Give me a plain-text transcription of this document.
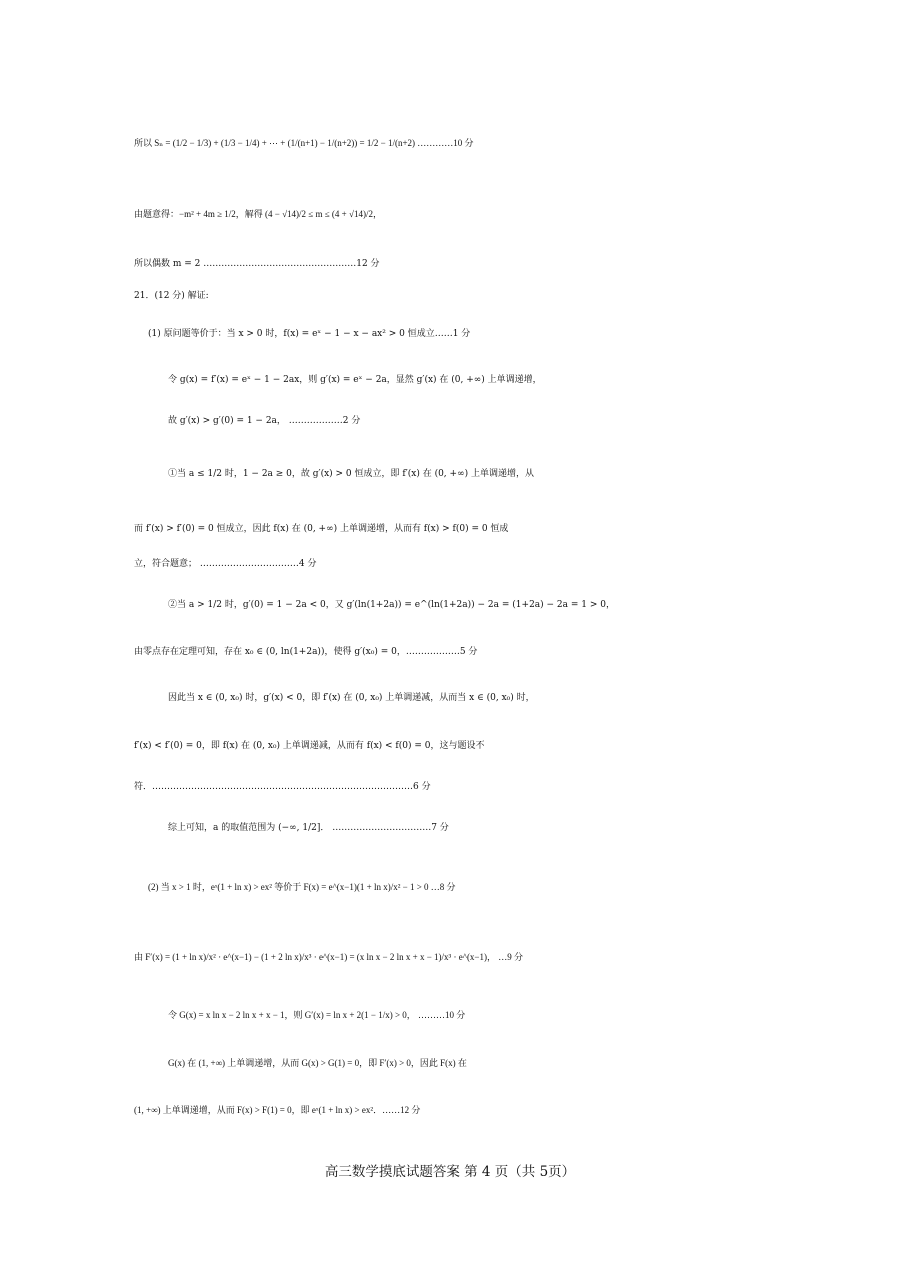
所以 Sₙ = (1/2 − 1/3) + (1/3 − 1/4) + ⋯ + (1/(n+1) − 1/(n+2)) = 1/2 − 1/(n+2) …………10 分
由题意得：−m² + 4m ≥ 1/2，解得 (4 − √14)/2 ≤ m ≤ (4 + √14)/2，
所以偶数 m = 2 ……………………………………………12 分
21．(12 分) 解证:
(1) 原问题等价于：当 x > 0 时，f(x) = eˣ − 1 − x − ax² > 0 恒成立……1 分
令 g(x) = f′(x) = eˣ − 1 − 2ax，则 g′(x) = eˣ − 2a，显然 g′(x) 在 (0, +∞) 上单调递增，
故 g′(x) > g′(0) = 1 − 2a， ………………2 分
①当 a ≤ 1/2 时，1 − 2a ≥ 0，故 g′(x) > 0 恒成立，即 f′(x) 在 (0, +∞) 上单调递增，从
而 f′(x) > f′(0) = 0 恒成立，因此 f(x) 在 (0, +∞) 上单调递增，从而有 f(x) > f(0) = 0 恒成
立，符合题意； ……………………………4 分
②当 a > 1/2 时，g′(0) = 1 − 2a < 0，又 g′(ln(1+2a)) = e^(ln(1+2a)) − 2a = (1+2a) − 2a = 1 > 0，
由零点存在定理可知，存在 x₀ ∈ (0, ln(1+2a))，使得 g′(x₀) = 0，………………5 分
因此当 x ∈ (0, x₀) 时，g′(x) < 0，即 f′(x) 在 (0, x₀) 上单调递减，从而当 x ∈ (0, x₀) 时，
f′(x) < f′(0) = 0，即 f(x) 在 (0, x₀) 上单调递减，从而有 f(x) < f(0) = 0，这与题设不
符．……………………………………………………………………………6 分
综上可知，a 的取值范围为 (−∞, 1/2]． ……………………………7 分
(2) 当 x > 1 时，eˣ(1 + ln x) > ex² 等价于 F(x) = e^(x−1)(1 + ln x)/x² − 1 > 0 …8 分
由 F′(x) = (1 + ln x)/x² · e^(x−1) − (1 + 2 ln x)/x³ · e^(x−1) = (x ln x − 2 ln x + x − 1)/x³ · e^(x−1)， …9 分
令 G(x) = x ln x − 2 ln x + x − 1，则 G′(x) = ln x + 2(1 − 1/x) > 0， ………10 分
G(x) 在 (1, +∞) 上单调递增，从而 G(x) > G(1) = 0，即 F′(x) > 0，因此 F(x) 在
(1, +∞) 上单调递增，从而 F(x) > F(1) = 0，即 eˣ(1 + ln x) > ex²．……12 分
高三数学摸底试题答案 第 4 页（共 5页）
